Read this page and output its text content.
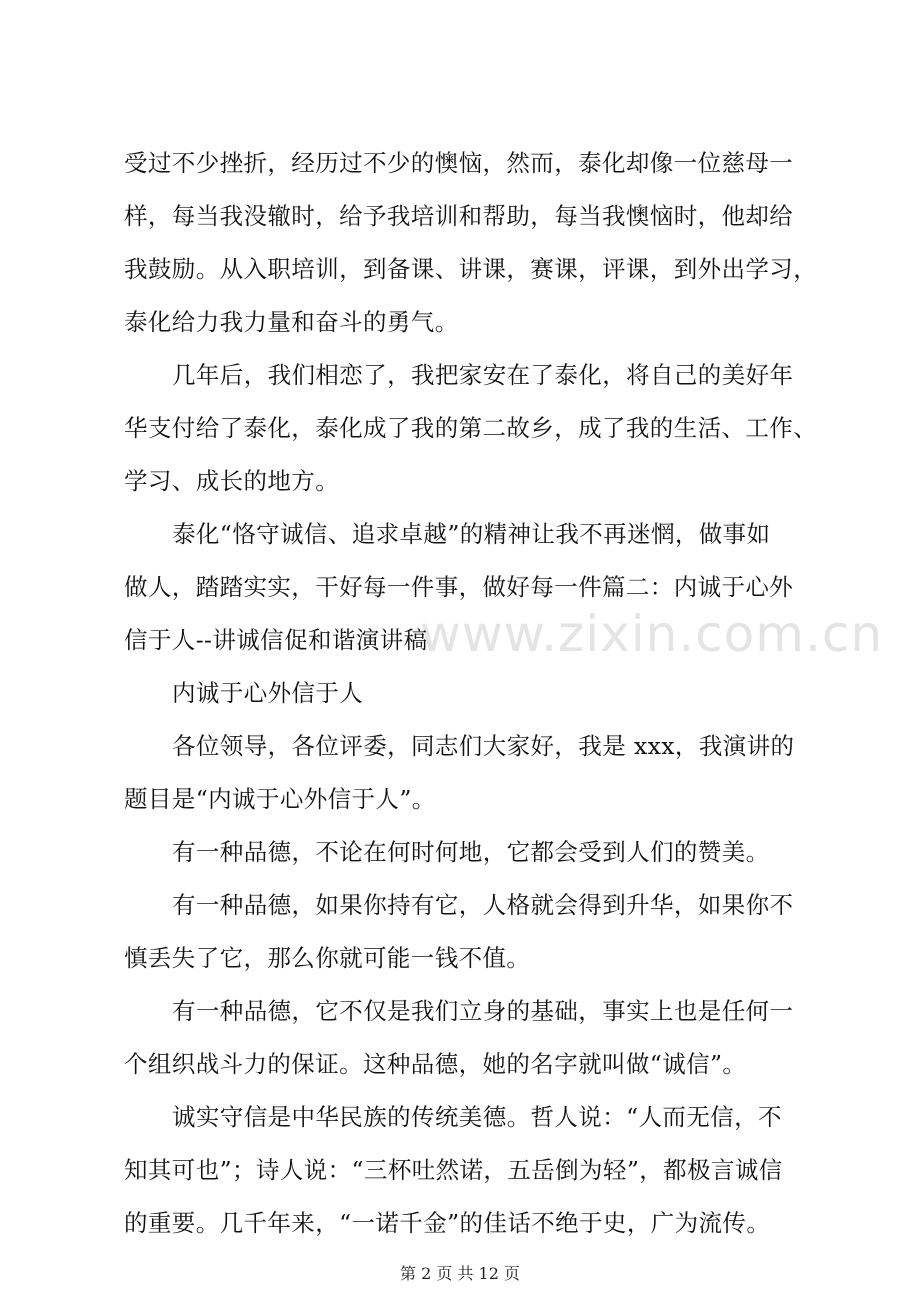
www.zixin.com.cn
受过不少挫折，经历过不少的懊恼，然而，泰化却像一位慈母一
样，每当我没辙时，给予我培训和帮助，每当我懊恼时，他却给
我鼓励。从入职培训，到备课、讲课，赛课，评课，到外出学习，
泰化给力我力量和奋斗的勇气。
几年后，我们相恋了，我把家安在了泰化，将自己的美好年
华支付给了泰化，泰化成了我的第二故乡，成了我的生活、工作、
学习、成长的地方。
泰化“恪守诚信、追求卓越”的精神让我不再迷惘，做事如
做人，踏踏实实，干好每一件事，做好每一件篇二：内诚于心外
信于人--讲诚信促和谐演讲稿
内诚于心外信于人
各位领导，各位评委，同志们大家好，我是 xxx，我演讲的
题目是“内诚于心外信于人”。
有一种品德，不论在何时何地，它都会受到人们的赞美。
有一种品德，如果你持有它，人格就会得到升华，如果你不
慎丢失了它，那么你就可能一钱不值。
有一种品德，它不仅是我们立身的基础，事实上也是任何一
个组织战斗力的保证。这种品德，她的名字就叫做“诚信”。
诚实守信是中华民族的传统美德。哲人说：“人而无信，不
知其可也”；诗人说：“三杯吐然诺，五岳倒为轻”，都极言诚信
的重要。几千年来，“一诺千金”的佳话不绝于史，广为流传。
第 2 页 共 12 页
